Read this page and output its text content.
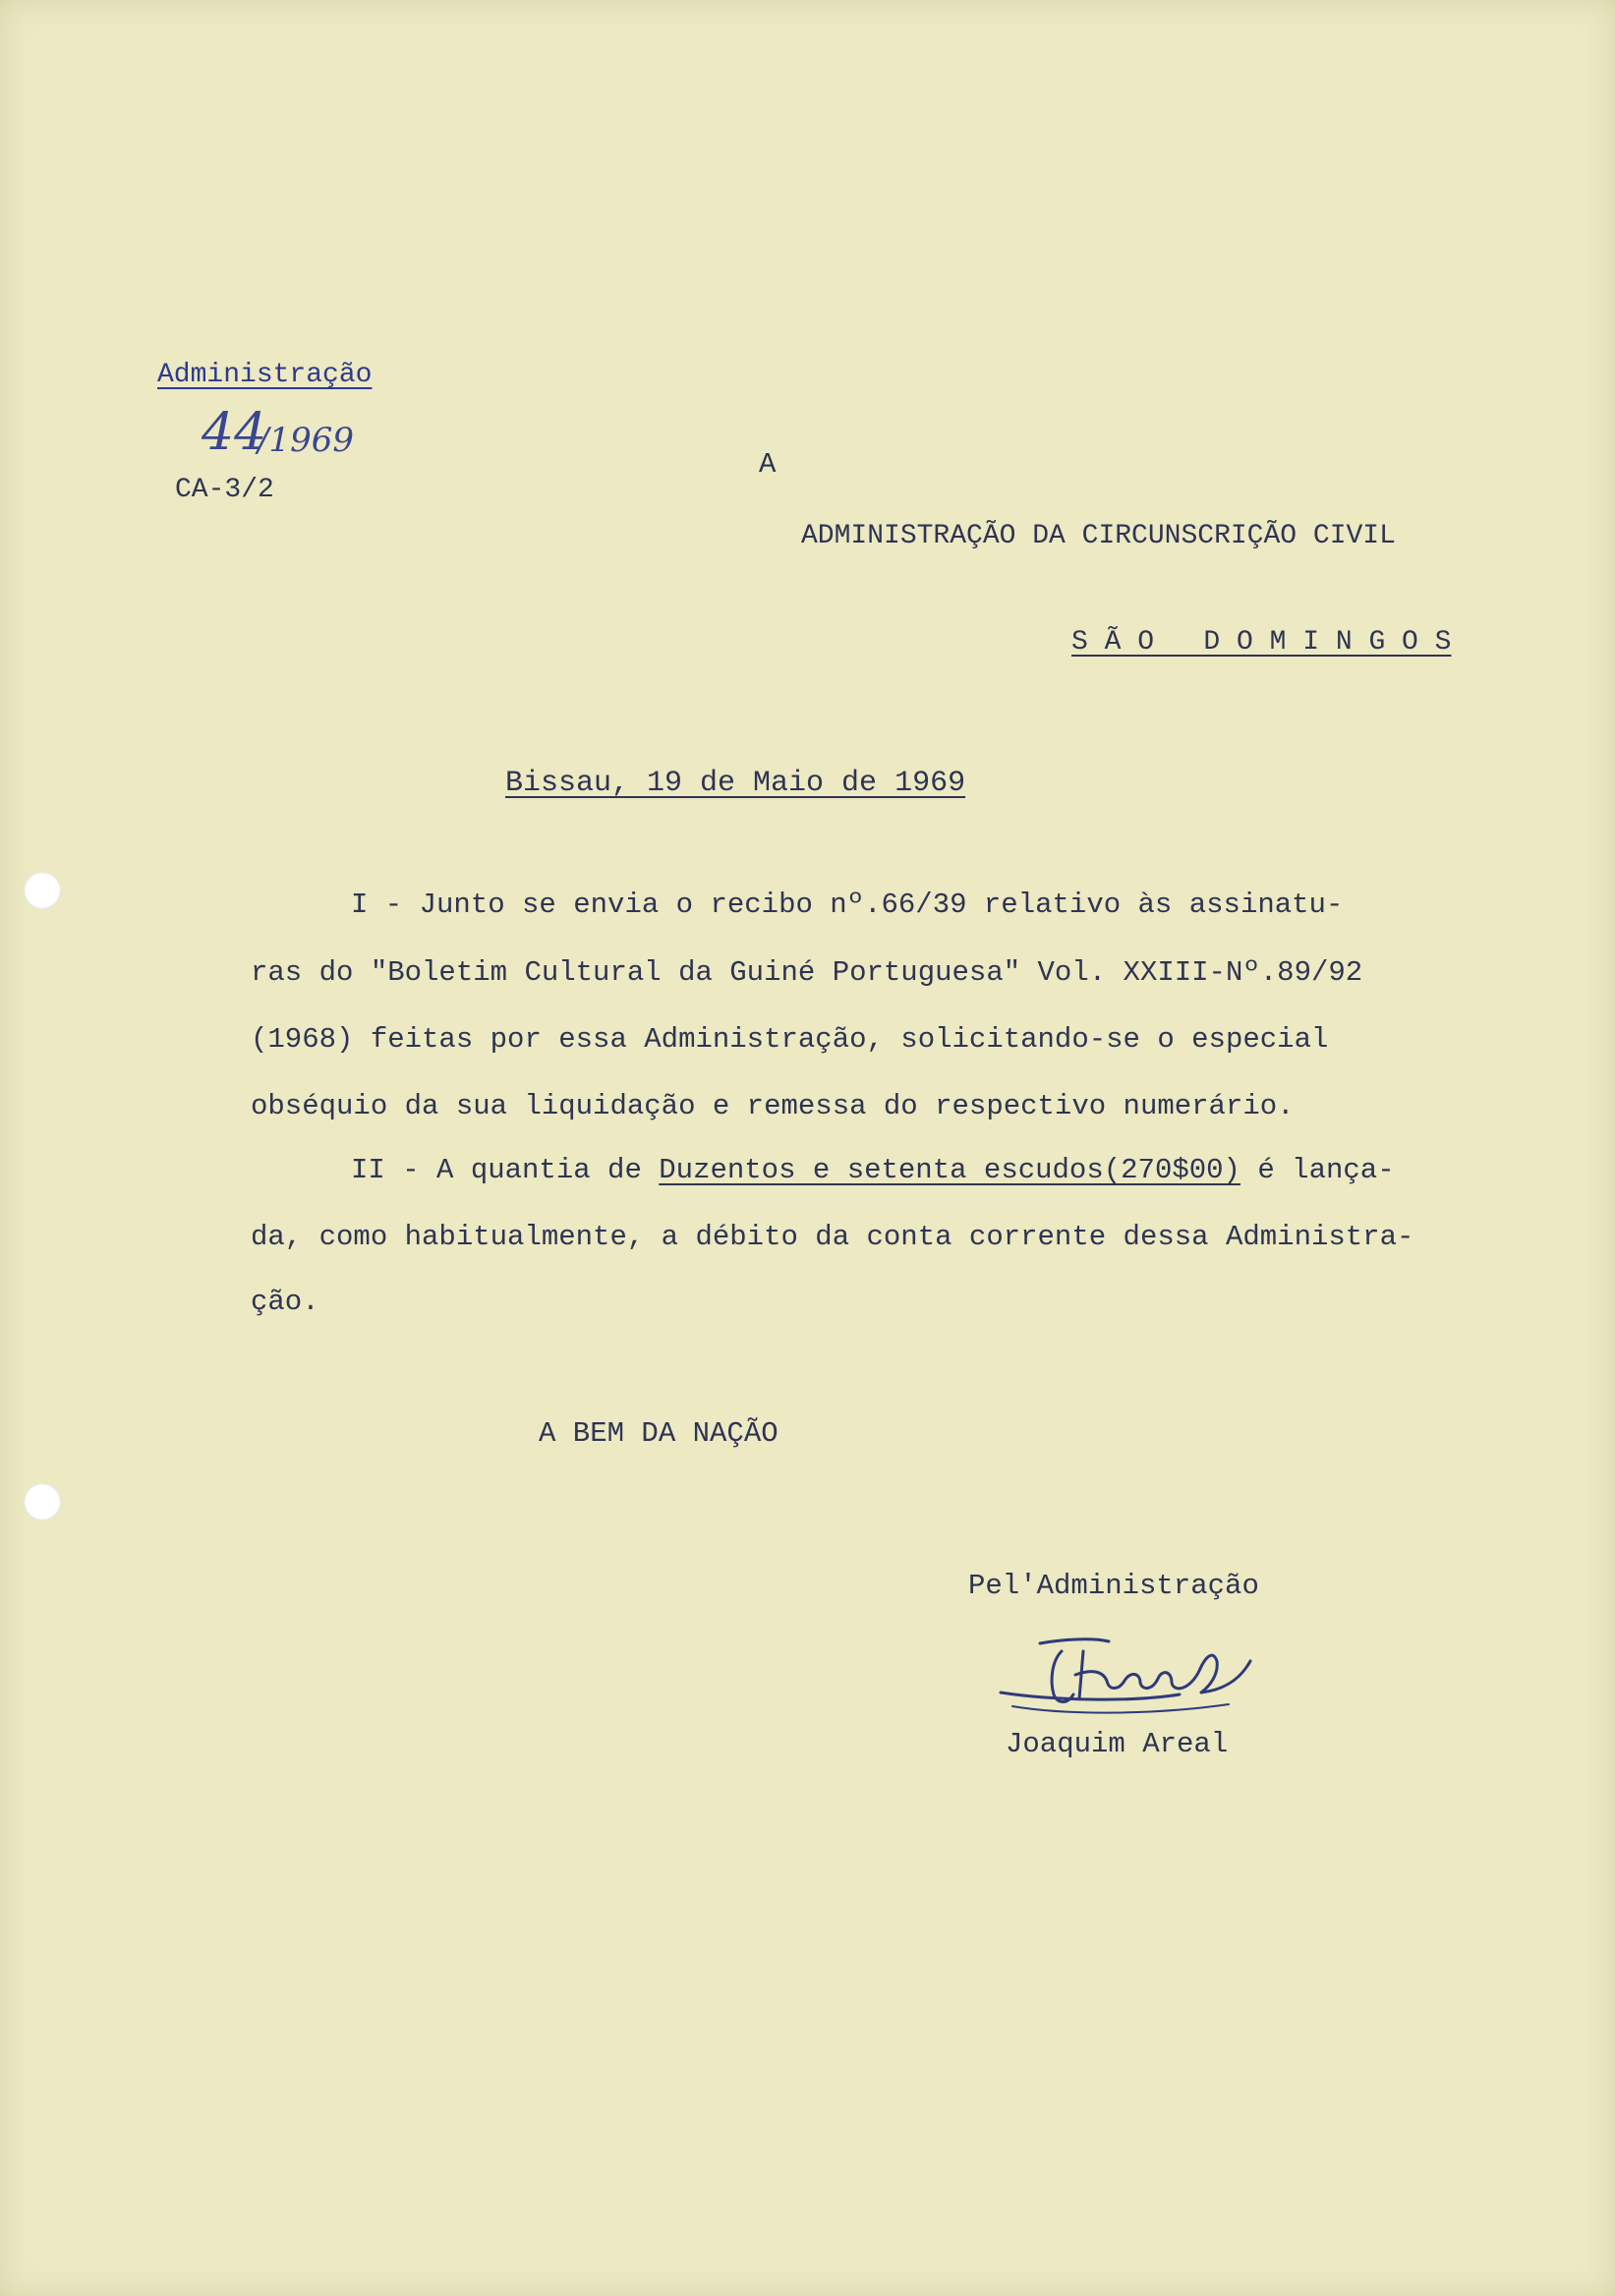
Administração
44
/1969
CA-3/2
A
ADMINISTRAÇÃO DA CIRCUNSCRIÇÃO CIVIL
S Ã O   D O M I N G O S
Bissau, 19 de Maio de 1969
I - Junto se envia o recibo nº.66/39 relativo às assinatu-
ras do "Boletim Cultural da Guiné Portuguesa" Vol. XXIII-Nº.89/92
(1968) feitas por essa Administração, solicitando-se o especial
obséquio da sua liquidação e remessa do respectivo numerário.
II - A quantia de Duzentos e setenta escudos(270$00) é lança-
da, como habitualmente, a débito da conta corrente dessa Administra-
ção.
A BEM DA NAÇÃO
Pel'Administração
Joaquim Areal
